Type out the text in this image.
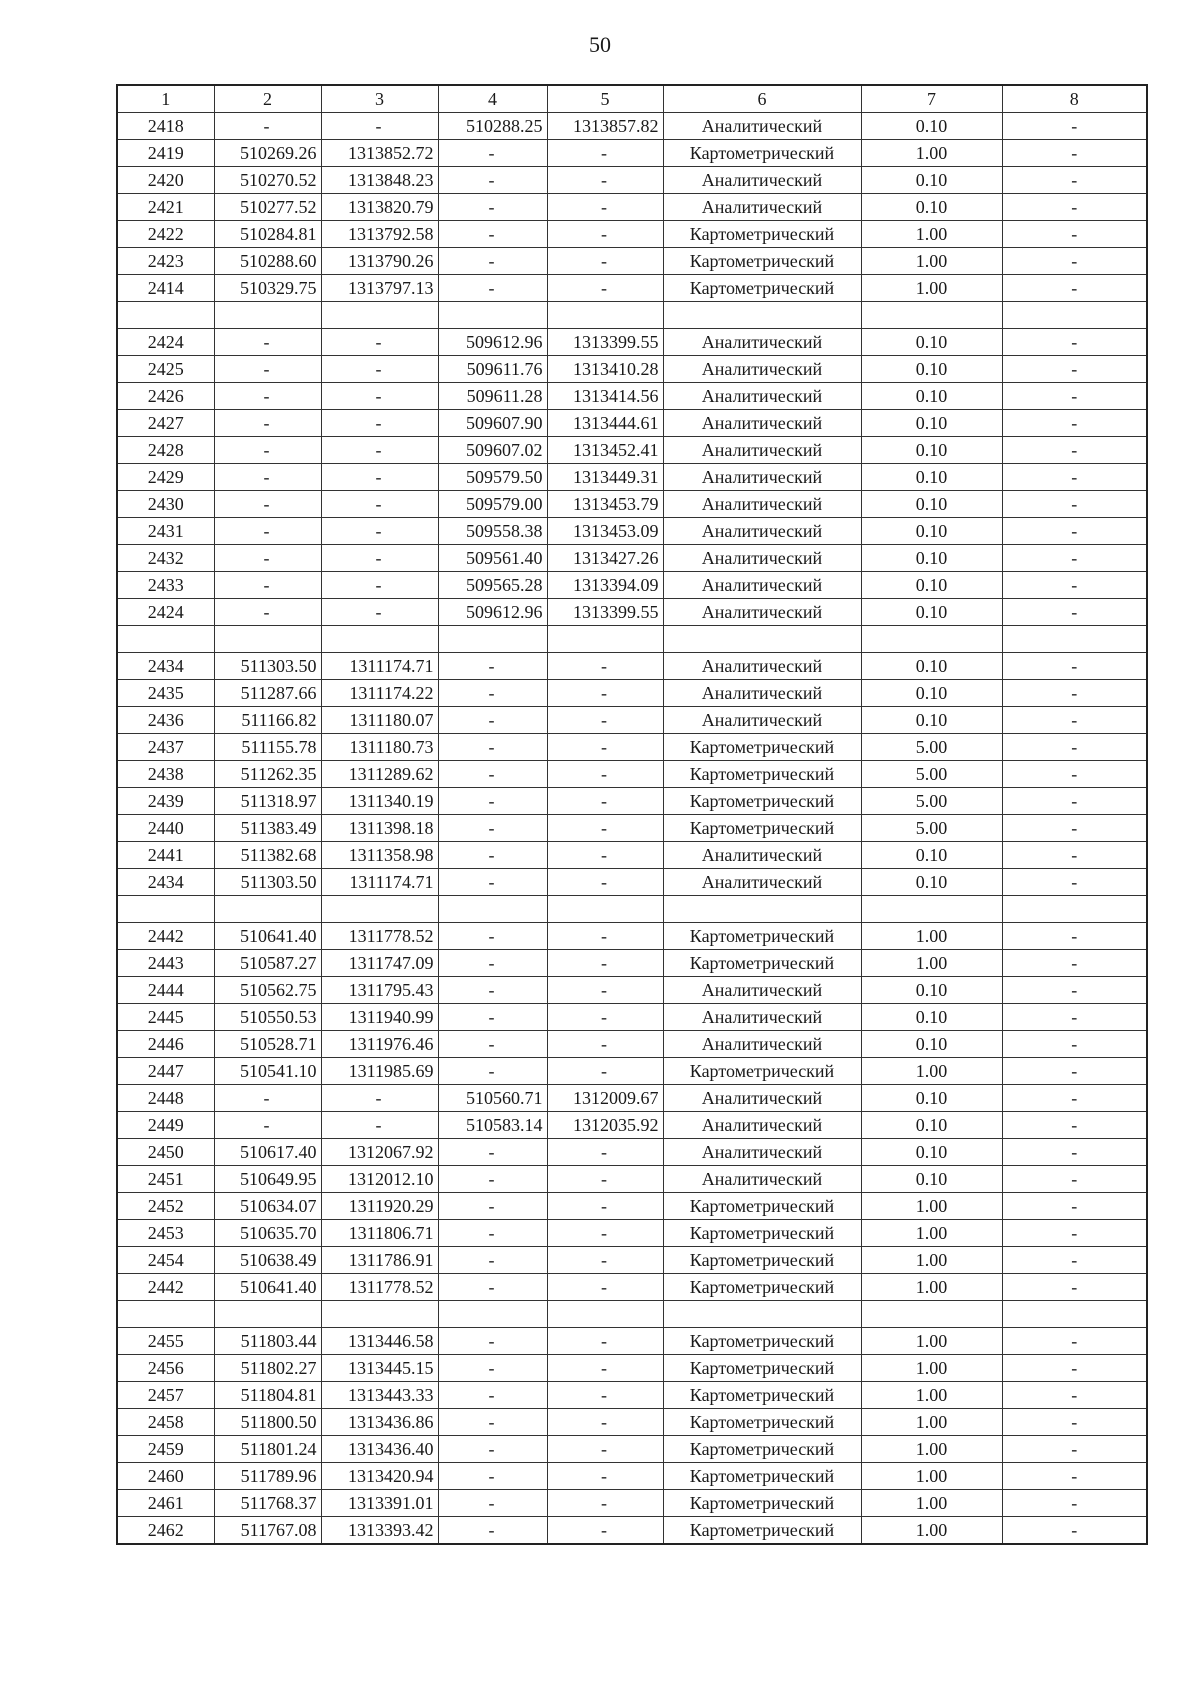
50
1	2	3	4	5	6	7	8
2418	-	-	510288.25	1313857.82	Аналитический	0.10	-
2419	510269.26	1313852.72	-	-	Картометрический	1.00	-
2420	510270.52	1313848.23	-	-	Аналитический	0.10	-
2421	510277.52	1313820.79	-	-	Аналитический	0.10	-
2422	510284.81	1313792.58	-	-	Картометрический	1.00	-
2423	510288.60	1313790.26	-	-	Картометрический	1.00	-
2414	510329.75	1313797.13	-	-	Картометрический	1.00	-

2424	-	-	509612.96	1313399.55	Аналитический	0.10	-
2425	-	-	509611.76	1313410.28	Аналитический	0.10	-
2426	-	-	509611.28	1313414.56	Аналитический	0.10	-
2427	-	-	509607.90	1313444.61	Аналитический	0.10	-
2428	-	-	509607.02	1313452.41	Аналитический	0.10	-
2429	-	-	509579.50	1313449.31	Аналитический	0.10	-
2430	-	-	509579.00	1313453.79	Аналитический	0.10	-
2431	-	-	509558.38	1313453.09	Аналитический	0.10	-
2432	-	-	509561.40	1313427.26	Аналитический	0.10	-
2433	-	-	509565.28	1313394.09	Аналитический	0.10	-
2424	-	-	509612.96	1313399.55	Аналитический	0.10	-

2434	511303.50	1311174.71	-	-	Аналитический	0.10	-
2435	511287.66	1311174.22	-	-	Аналитический	0.10	-
2436	511166.82	1311180.07	-	-	Аналитический	0.10	-
2437	511155.78	1311180.73	-	-	Картометрический	5.00	-
2438	511262.35	1311289.62	-	-	Картометрический	5.00	-
2439	511318.97	1311340.19	-	-	Картометрический	5.00	-
2440	511383.49	1311398.18	-	-	Картометрический	5.00	-
2441	511382.68	1311358.98	-	-	Аналитический	0.10	-
2434	511303.50	1311174.71	-	-	Аналитический	0.10	-

2442	510641.40	1311778.52	-	-	Картометрический	1.00	-
2443	510587.27	1311747.09	-	-	Картометрический	1.00	-
2444	510562.75	1311795.43	-	-	Аналитический	0.10	-
2445	510550.53	1311940.99	-	-	Аналитический	0.10	-
2446	510528.71	1311976.46	-	-	Аналитический	0.10	-
2447	510541.10	1311985.69	-	-	Картометрический	1.00	-
2448	-	-	510560.71	1312009.67	Аналитический	0.10	-
2449	-	-	510583.14	1312035.92	Аналитический	0.10	-
2450	510617.40	1312067.92	-	-	Аналитический	0.10	-
2451	510649.95	1312012.10	-	-	Аналитический	0.10	-
2452	510634.07	1311920.29	-	-	Картометрический	1.00	-
2453	510635.70	1311806.71	-	-	Картометрический	1.00	-
2454	510638.49	1311786.91	-	-	Картометрический	1.00	-
2442	510641.40	1311778.52	-	-	Картометрический	1.00	-

2455	511803.44	1313446.58	-	-	Картометрический	1.00	-
2456	511802.27	1313445.15	-	-	Картометрический	1.00	-
2457	511804.81	1313443.33	-	-	Картометрический	1.00	-
2458	511800.50	1313436.86	-	-	Картометрический	1.00	-
2459	511801.24	1313436.40	-	-	Картометрический	1.00	-
2460	511789.96	1313420.94	-	-	Картометрический	1.00	-
2461	511768.37	1313391.01	-	-	Картометрический	1.00	-
2462	511767.08	1313393.42	-	-	Картометрический	1.00	-
